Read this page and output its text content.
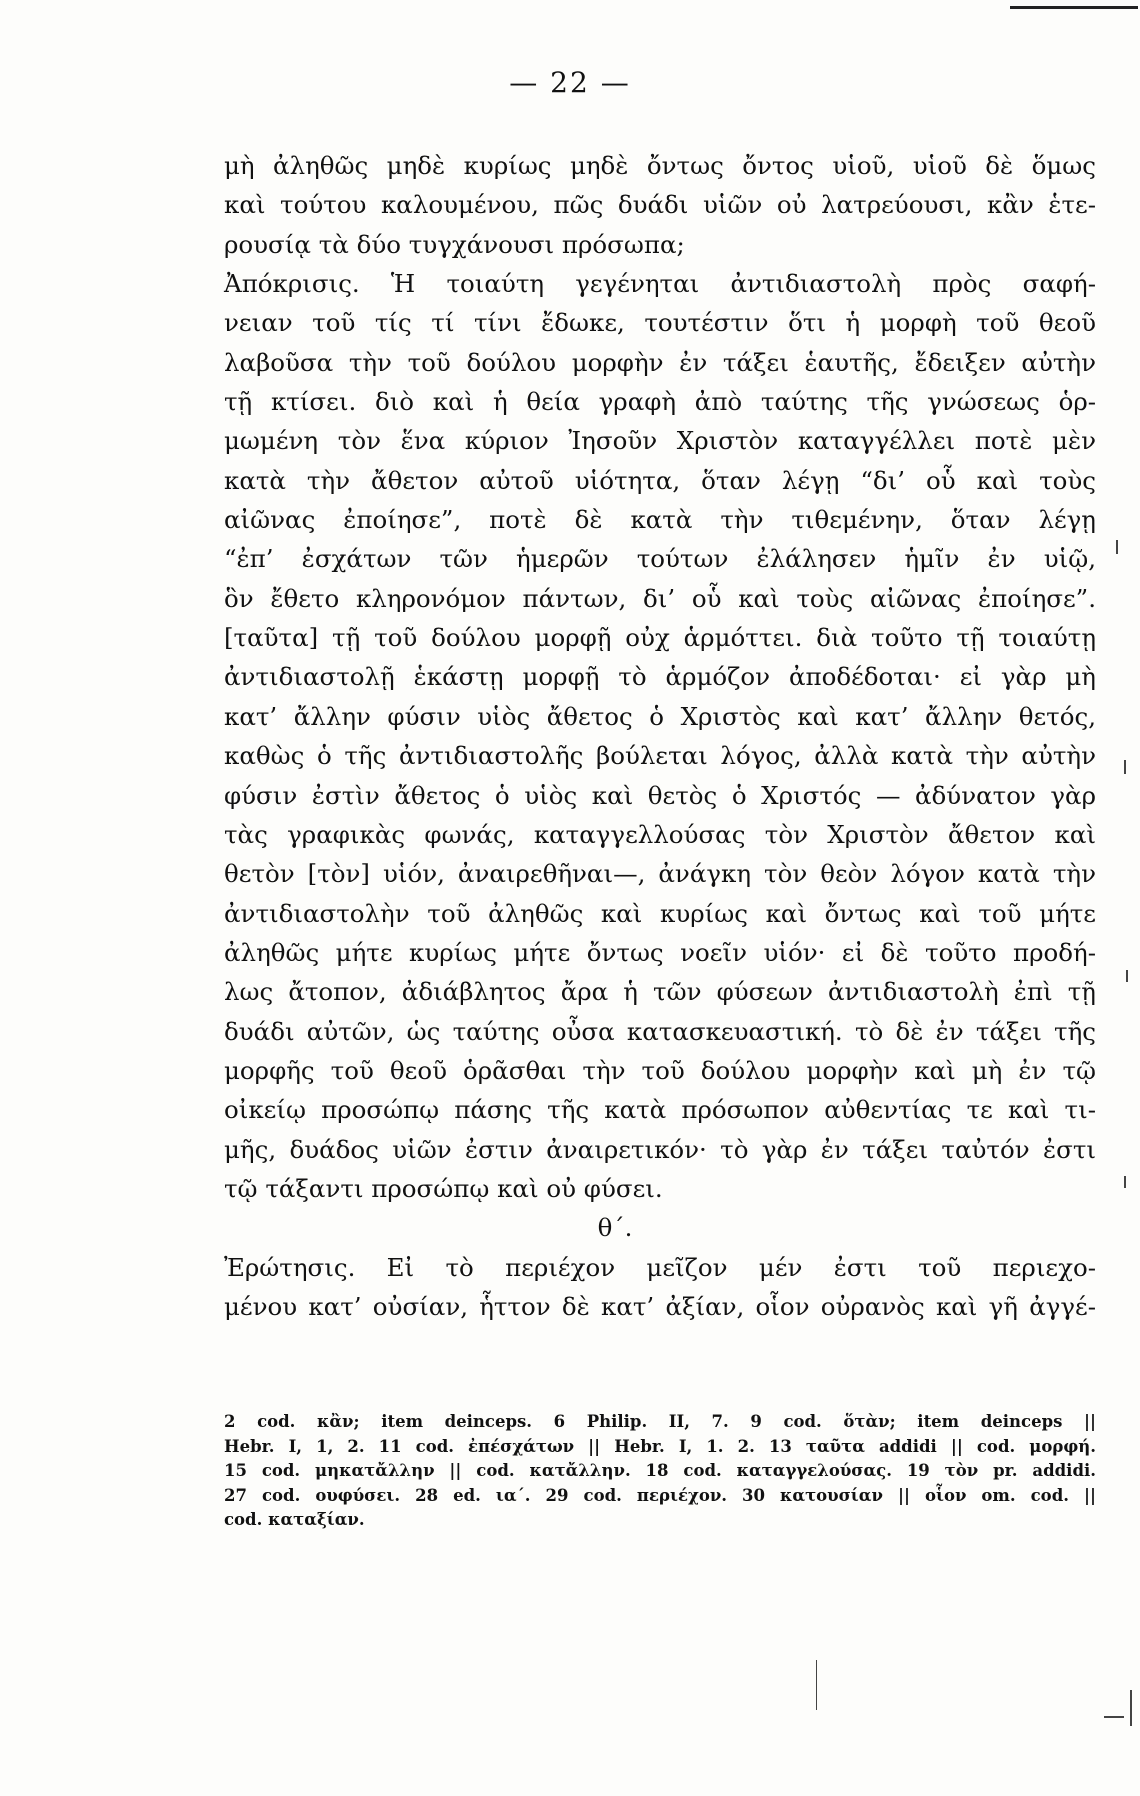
— 22 —
μὴ ἀληθῶς μηδὲ κυρίως μηδὲ ὄντως ὄντος υἱοῦ, υἱοῦ δὲ ὅμως
καὶ τούτου καλουμένου, πῶς δυάδι υἱῶν οὐ λατρεύουσι, κἂν ἑτε-
ρουσίᾳ τὰ δύο τυγχάνουσι πρόσωπα;
Ἀπόκρισις. Ἡ τοιαύτη γεγένηται ἀντιδιαστολὴ πρὸς σαφή-
νειαν τοῦ τίς τί τίνι ἔδωκε, τουτέστιν ὅτι ἡ μορφὴ τοῦ θεοῦ
λαβοῦσα τὴν τοῦ δούλου μορφὴν ἐν τάξει ἑαυτῆς, ἔδειξεν αὐτὴν
τῇ κτίσει. διὸ καὶ ἡ θεία γραφὴ ἀπὸ ταύτης τῆς γνώσεως ὁρ-
μωμένη τὸν ἕνα κύριον Ἰησοῦν Χριστὸν καταγγέλλει ποτὲ μὲν
κατὰ τὴν ἄθετον αὐτοῦ υἱότητα, ὅταν λέγῃ “δι’ οὗ καὶ τοὺς
αἰῶνας ἐποίησε”, ποτὲ δὲ κατὰ τὴν τιθεμένην, ὅταν λέγῃ
“ἐπ’ ἐσχάτων τῶν ἡμερῶν τούτων ἐλάλησεν ἡμῖν ἐν υἱῷ,
ὃν ἔθετο κληρονόμον πάντων, δι’ οὗ καὶ τοὺς αἰῶνας ἐποίησε”.
[ταῦτα] τῇ τοῦ δούλου μορφῇ οὐχ ἁρμόττει. διὰ τοῦτο τῇ τοιαύτῃ
ἀντιδιαστολῇ ἑκάστῃ μορφῇ τὸ ἁρμόζον ἀποδέδοται· εἰ γὰρ μὴ
κατ’ ἄλλην φύσιν υἱὸς ἄθετος ὁ Χριστὸς καὶ κατ’ ἄλλην θετός,
καθὼς ὁ τῆς ἀντιδιαστολῆς βούλεται λόγος, ἀλλὰ κατὰ τὴν αὐτὴν
φύσιν ἐστὶν ἄθετος ὁ υἱὸς καὶ θετὸς ὁ Χριστός — ἀδύνατον γὰρ
τὰς γραφικὰς φωνάς, καταγγελλούσας τὸν Χριστὸν ἄθετον καὶ
θετὸν [τὸν] υἱόν, ἀναιρεθῆναι—, ἀνάγκη τὸν θεὸν λόγον κατὰ τὴν
ἀντιδιαστολὴν τοῦ ἀληθῶς καὶ κυρίως καὶ ὄντως καὶ τοῦ μήτε
ἀληθῶς μήτε κυρίως μήτε ὄντως νοεῖν υἱόν· εἰ δὲ τοῦτο προδή-
λως ἄτοπον, ἀδιάβλητος ἄρα ἡ τῶν φύσεων ἀντιδιαστολὴ ἐπὶ τῇ
δυάδι αὐτῶν, ὡς ταύτης οὖσα κατασκευαστική. τὸ δὲ ἐν τάξει τῆς
μορφῆς τοῦ θεοῦ ὁρᾶσθαι τὴν τοῦ δούλου μορφὴν καὶ μὴ ἐν τῷ
οἰκείῳ προσώπῳ πάσης τῆς κατὰ πρόσωπον αὐθεντίας τε καὶ τι-
μῆς, δυάδος υἱῶν ἐστιν ἀναιρετικόν· τὸ γὰρ ἐν τάξει ταὐτόν ἐστι
τῷ τάξαντι προσώπῳ καὶ οὐ φύσει.
θ΄.
Ἐρώτησις. Εἰ τὸ περιέχον μεῖζον μέν ἐστι τοῦ περιεχο-
μένου κατ’ οὐσίαν, ἧττον δὲ κατ’ ἀξίαν, οἷον οὐρανὸς καὶ γῆ ἀγγέ-
2 cod. κἂν; item deinceps. 6 Philip. II, 7. 9 cod. ὅτὰν; item deinceps ||
Hebr. I, 1, 2. 11 cod. ἐπέσχάτων || Hebr. I, 1. 2. 13 ταῦτα addidi || cod. μορφή.
15 cod. μηκατἄλλην || cod. κατἄλλην. 18 cod. καταγγελούσας. 19 τὸν pr. addidi.
27 cod. ουφύσει. 28 ed. ια΄. 29 cod. περιέχον. 30 κατουσίαν || οἷον om. cod. ||
cod. καταξίαν.
